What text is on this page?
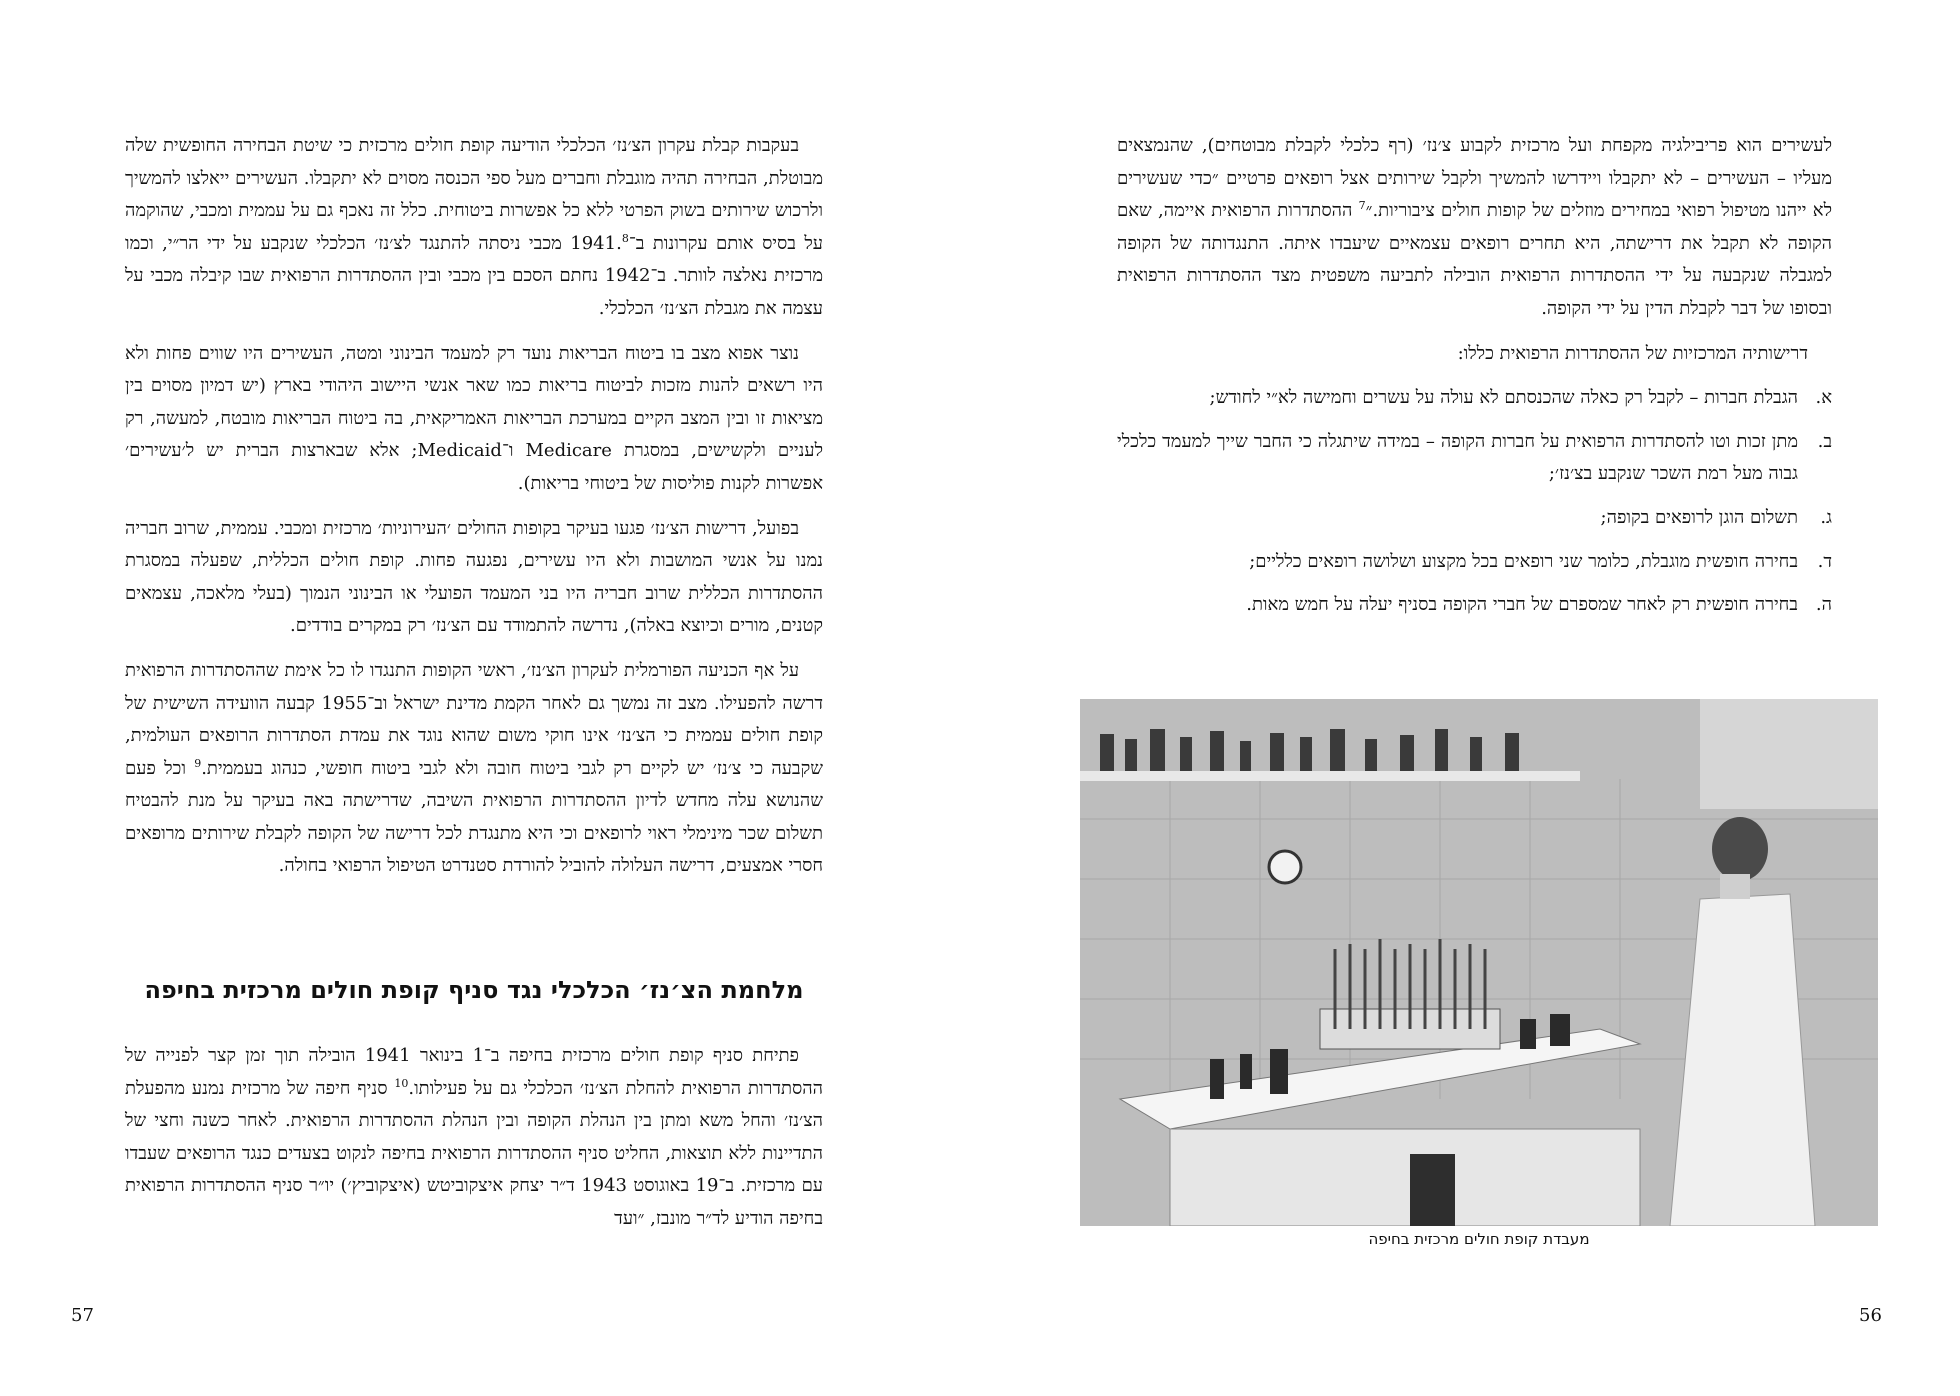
בעקבות קבלת עקרון הצ׳נז׳ הכלכלי הודיעה קופת חולים מרכזית כי שיטת הבחירה החופשית שלה מבוטלת, הבחירה תהיה מוגבלת וחברים מעל ספי הכנסה מסוים לא יתקבלו. העשירים ייאלצו להמשיך ולרכוש שירותים בשוק הפרטי ללא כל אפשרות ביטוחית. כלל זה נאכף גם על עממית ומכבי, שהוקמה על בסיס אותם עקרונות ב־1941.$^8$ מכבי ניסתה להתנגד לצ׳נז׳ הכלכלי שנקבע על ידי הר״י, וכמו מרכזית נאלצה לוותר. ב־1942 נחתם הסכם בין מכבי ובין ההסתדרות הרפואית שבו קיבלה מכבי על עצמה את מגבלת הצ׳נז׳ הכלכלי.

נוצר אפוא מצב בו ביטוח הבריאות נועד רק למעמד הבינוני ומטה, העשירים היו שווים פחות ולא היו רשאים להנות מזכות לביטוח בריאות כמו שאר אנשי היישוב היהודי בארץ (יש דמיון מסוים בין מציאות זו ובין המצב הקיים במערכת הבריאות האמריקאית, בה ביטוח הבריאות מובטח, למעשה, רק לעניים ולקשישים, במסגרת Medicare ו־Medicaid; אלא שבארצות הברית יש ל׳עשירים׳ אפשרות לקנות פוליסות של ביטוחי בריאות).

בפועל, דרישות הצ׳נז׳ פגעו בעיקר בקופות החולים ׳העירוניות׳ מרכזית ומכבי. עממית, שרוב חבריה נמנו על אנשי המושבות ולא היו עשירים, נפגעה פחות. קופת חולים הכללית, שפעלה במסגרת ההסתדרות הכללית שרוב חבריה היו בני המעמד הפועלי או הבינוני הנמוך (בעלי מלאכה, עצמאים קטנים, מורים וכיוצא באלה), נדרשה להתמודד עם הצ׳נז׳ רק במקרים בודדים.

על אף הכניעה הפורמלית לעקרון הצ׳נז׳, ראשי הקופות התנגדו לו כל אימת שההסתדרות הרפואית דרשה להפעילו. מצב זה נמשך גם לאחר הקמת מדינת ישראל וב־1955 קבעה הוועידה השישית של קופת חולים עממית כי הצ׳נז׳ אינו חוקי משום שהוא נוגד את עמדת הסתדרות הרופאים העולמית, שקבעה כי צ׳נז׳ יש לקיים רק לגבי ביטוח חובה ולא לגבי ביטוח חופשי, כנהוג בעממית.$^9$ וכל פעם שהנושא עלה מחדש לדיון ההסתדרות הרפואית השיבה, שדרישתה באה בעיקר על מנת להבטיח תשלום שכר מינימלי ראוי לרופאים וכי היא מתנגדת לכל דרישה של הקופה לקבלת שירותים מרופאים חסרי אמצעים, דרישה העלולה להוביל להורדת סטנדרט הטיפול הרפואי בחולה.

מלחמת הצ׳נז׳ הכלכלי נגד סניף קופת חולים מרכזית בחיפה

פתיחת סניף קופת חולים מרכזית בחיפה ב־1 בינואר 1941 הובילה תוך זמן קצר לפנייה של ההסתדרות הרפואית להחלת הצ׳נז׳ הכלכלי גם על פעילותו.$^{10}$ סניף חיפה של מרכזית נמנע מהפעלת הצ׳נז׳ והחל משא ומתן בין הנהלת הקופה ובין הנהלת ההסתדרות הרפואית. לאחר כשנה וחצי של התדיינות ללא תוצאות, החליט סניף ההסתדרות הרפואית בחיפה לנקוט בצעדים כנגד הרופאים שעבדו עם מרכזית. ב־19 באוגוסט 1943 ד״ר יצחק איצקוביטש (איצקוביץ׳) יו״ר סניף ההסתדרות הרפואית בחיפה הודיע לד״ר מונבז, ״ועד

57

לעשירים הוא פריבילגיה מקפחת ועל מרכזית לקבוע צ׳נז׳ (רף כלכלי לקבלת מבוטחים), שהנמצאים מעליו – העשירים – לא יתקבלו ויידרשו להמשיך ולקבל שירותים אצל רופאים פרטיים ״כדי שעשירים לא ייהנו מטיפול רפואי במחירים מוזלים של קופות חולים ציבוריות.״$^7$ ההסתדרות הרפואית איימה, שאם הקופה לא תקבל את דרישתה, היא תחרים רופאים עצמאיים שיעבדו איתה. התנגדותה של הקופה למגבלה שנקבעה על ידי ההסתדרות הרפואית הובילה לתביעה משפטית מצד ההסתדרות הרפואית ובסופו של דבר לקבלת הדין על ידי הקופה.

דרישותיה המרכזיות של ההסתדרות הרפואית כללו:

א.
הגבלת חברות – לקבל רק כאלה שהכנסתם לא עולה על עשרים וחמישה לא״י לחודש;
ב.
מתן זכות וטו להסתדרות הרפואית על חברות הקופה – במידה שיתגלה כי החבר שייך למעמד כלכלי גבוה מעל רמת השכר שנקבע בצ׳נז׳;
ג.
תשלום הוגן לרופאים בקופה;
ד.
בחירה חופשית מוגבלת, כלומר שני רופאים בכל מקצוע ושלושה רופאים כלליים;
ה.
בחירה חופשית רק לאחר שמספרם של חברי הקופה בסניף יעלה על חמש מאות.
מעבדת קופת חולים מרכזית בחיפה
56
